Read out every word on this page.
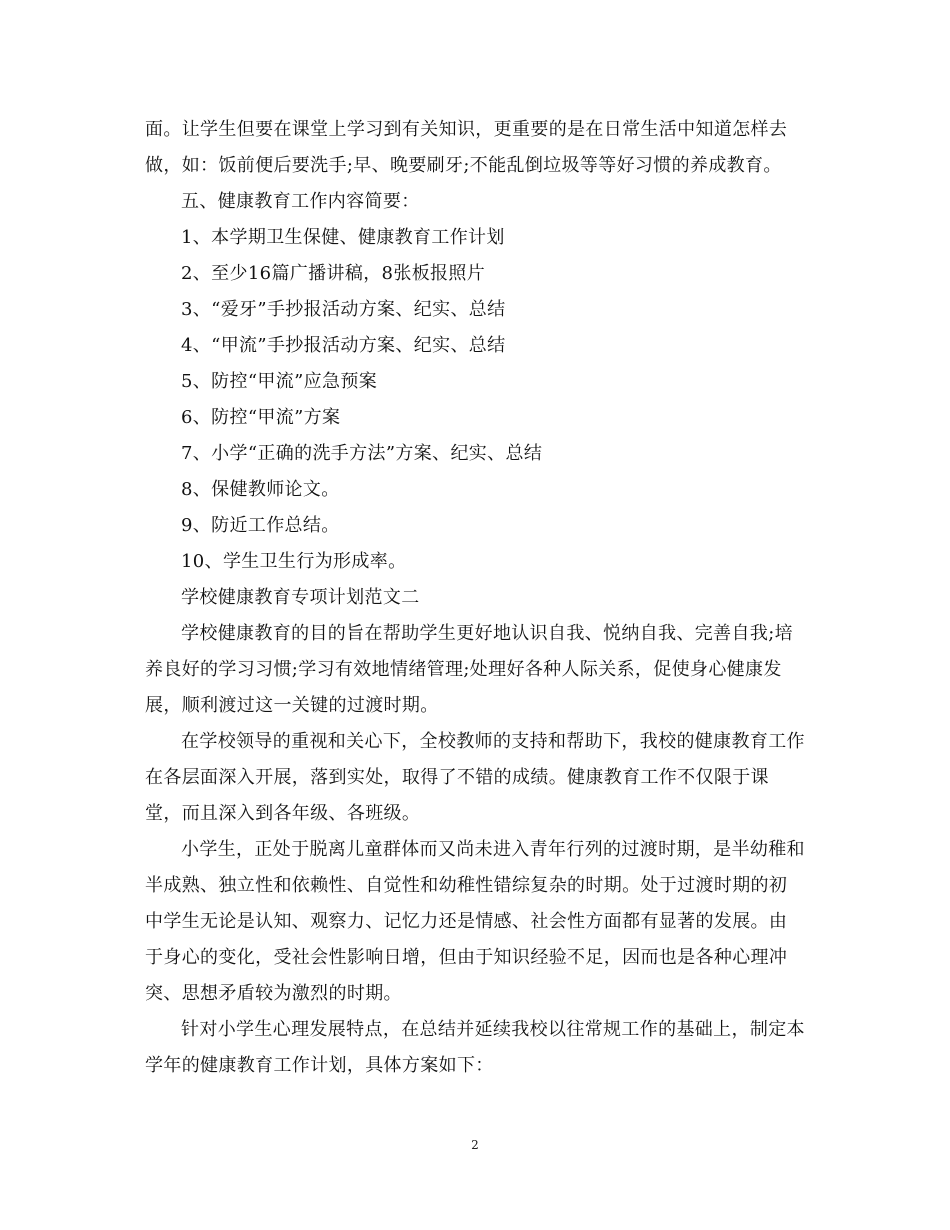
面。让学生但要在课堂上学习到有关知识，更重要的是在日常生活中知道怎样去做，如：饭前便后要洗手;早、晚要刷牙;不能乱倒垃圾等等好习惯的养成教育。

五、健康教育工作内容简要：

1、本学期卫生保健、健康教育工作计划

2、至少16篇广播讲稿，8张板报照片

3、“爱牙”手抄报活动方案、纪实、总结

4、“甲流”手抄报活动方案、纪实、总结

5、防控“甲流”应急预案

6、防控“甲流”方案

7、小学“正确的洗手方法”方案、纪实、总结

8、保健教师论文。

9、防近工作总结。

10、学生卫生行为形成率。

学校健康教育专项计划范文二

学校健康教育的目的旨在帮助学生更好地认识自我、悦纳自我、完善自我;培养良好的学习习惯;学习有效地情绪管理;处理好各种人际关系，促使身心健康发展，顺利渡过这一关键的过渡时期。

在学校领导的重视和关心下，全校教师的支持和帮助下，我校的健康教育工作在各层面深入开展，落到实处，取得了不错的成绩。健康教育工作不仅限于课堂，而且深入到各年级、各班级。

小学生，正处于脱离儿童群体而又尚未进入青年行列的过渡时期，是半幼稚和半成熟、独立性和依赖性、自觉性和幼稚性错综复杂的时期。处于过渡时期的初中学生无论是认知、观察力、记忆力还是情感、社会性方面都有显著的发展。由于身心的变化，受社会性影响日增，但由于知识经验不足，因而也是各种心理冲突、思想矛盾较为激烈的时期。

针对小学生心理发展特点，在总结并延续我校以往常规工作的基础上，制定本学年的健康教育工作计划，具体方案如下：

2
